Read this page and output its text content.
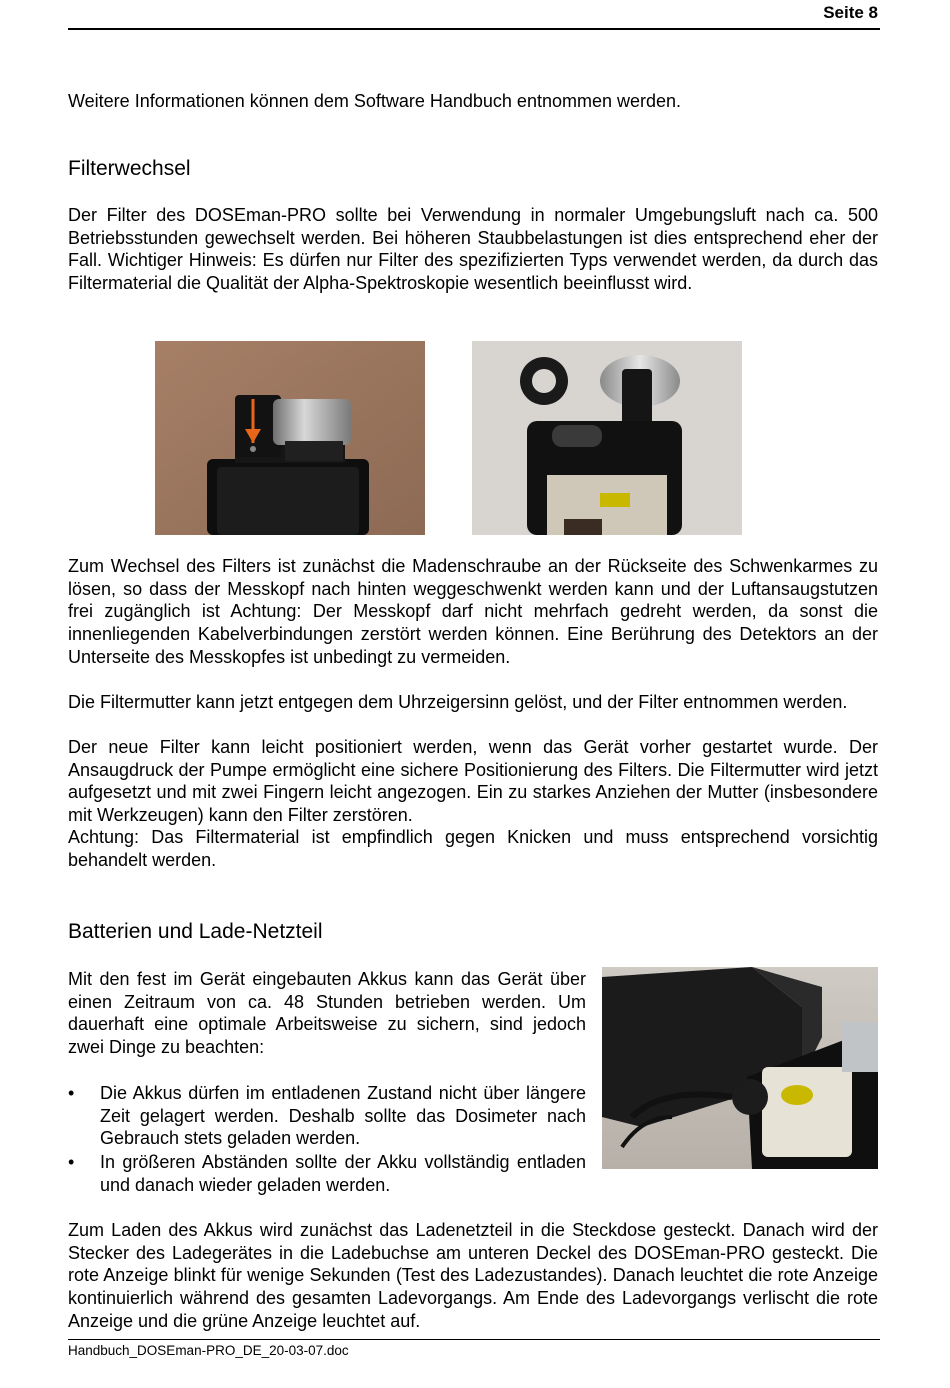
Seite 8

Weitere Informationen können dem Software Handbuch entnommen werden.

Filterwechsel

Der Filter des DOSEman-PRO sollte bei Verwendung in normaler Umgebungsluft nach ca. 500 Betriebsstunden gewechselt werden. Bei höheren Staubbelastungen ist dies entsprechend eher der Fall. Wichtiger Hinweis: Es dürfen nur Filter des spezifizierten Typs verwendet werden, da durch das Filtermaterial die Qualität der Alpha-Spektroskopie wesentlich beeinflusst wird.

Zum Wechsel des Filters ist zunächst die Madenschraube an der Rückseite des Schwenkarmes zu lösen, so dass der Messkopf nach hinten weggeschwenkt werden kann und der Luftansaugstutzen frei zugänglich ist Achtung: Der Messkopf darf nicht mehrfach gedreht werden, da sonst die innenliegenden Kabelverbindungen zerstört werden können. Eine Berührung des Detektors an der Unterseite des Messkopfes ist unbedingt zu vermeiden.

Die Filtermutter kann jetzt entgegen dem Uhrzeigersinn gelöst, und der Filter entnommen werden.

Der neue Filter kann leicht positioniert werden, wenn das Gerät vorher gestartet wurde. Der Ansaugdruck der Pumpe ermöglicht eine sichere Positionierung des Filters. Die Filtermutter wird jetzt aufgesetzt und mit zwei Fingern leicht angezogen. Ein zu starkes Anziehen der Mutter (insbesondere mit Werkzeugen) kann den Filter zerstören.

Achtung: Das Filtermaterial ist empfindlich gegen Knicken und muss entsprechend vorsichtig behandelt werden.

Batterien und Lade-Netzteil

Mit den fest im Gerät eingebauten Akkus kann das Gerät über einen Zeitraum von ca. 48 Stunden betrieben werden. Um dauerhaft eine optimale Arbeitsweise zu sichern, sind jedoch zwei Dinge zu beachten:

• Die Akkus dürfen im entladenen Zustand nicht über längere Zeit gelagert werden. Deshalb sollte das Dosimeter nach Gebrauch stets geladen werden.
• In größeren Abständen sollte der Akku vollständig entladen und danach wieder geladen werden.

Zum Laden des Akkus wird zunächst das Ladenetzteil in die Steckdose gesteckt. Danach wird der Stecker des Ladegerätes in die Ladebuchse am unteren Deckel des DOSEman-PRO gesteckt. Die rote Anzeige blinkt für wenige Sekunden (Test des Ladezustandes). Danach leuchtet die rote Anzeige kontinuierlich während des gesamten Ladevorgangs. Am Ende des Ladevorgangs verlischt die rote Anzeige und die grüne Anzeige leuchtet auf.

Handbuch_DOSEman-PRO_DE_20-03-07.doc
